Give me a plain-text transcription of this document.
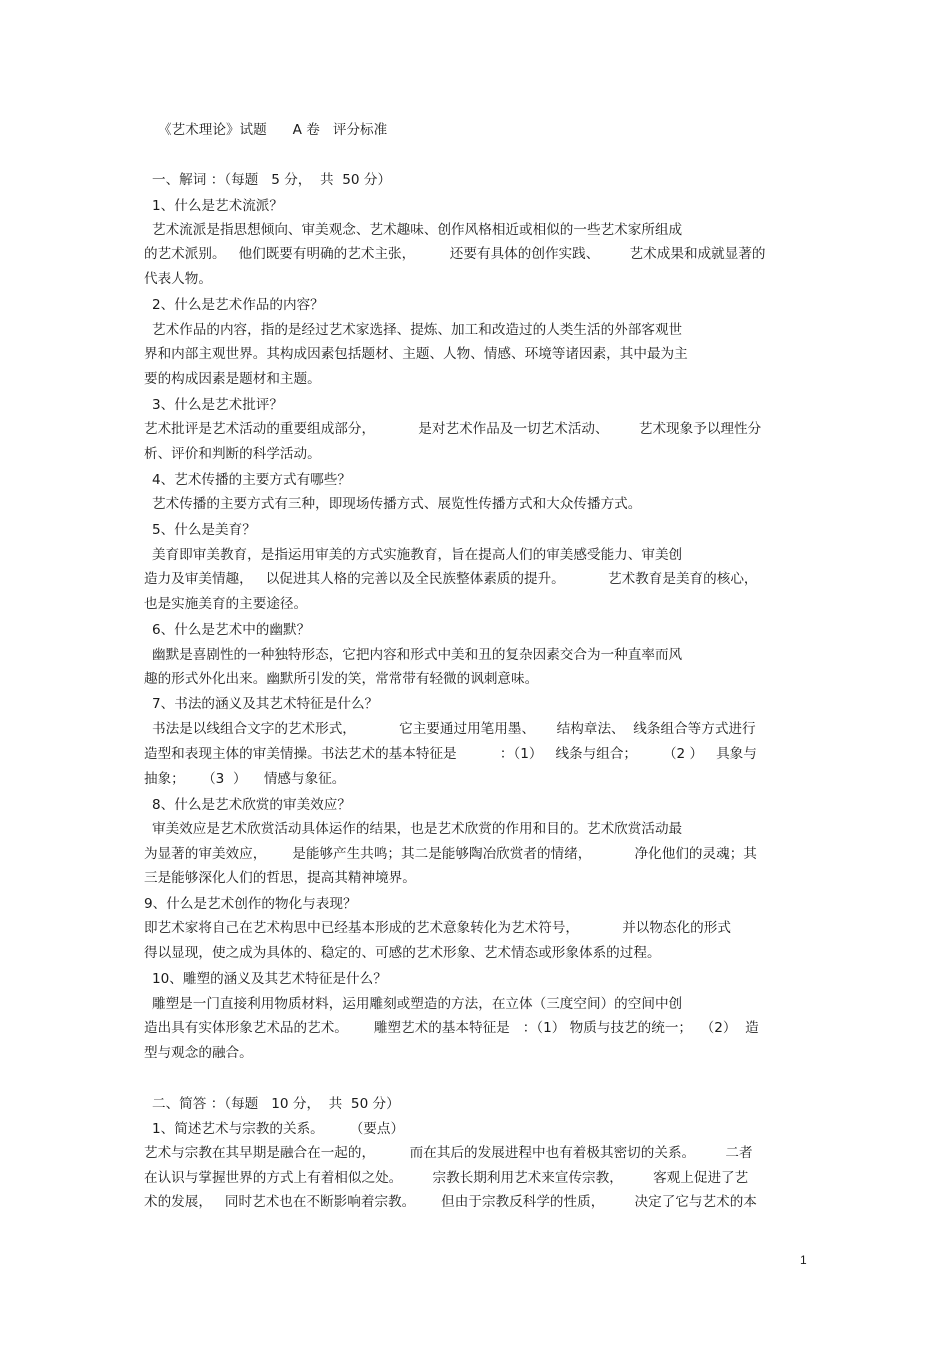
《艺术理论》试题      A 卷   评分标准
一、解词 ：（每题   5 分，  共  50 分）
1、什么是艺术流派？
艺术流派是指思想倾向、审美观念、艺术趣味、创作风格相近或相似的一些艺术家所组成
的艺术派别。   他们既要有明确的艺术主张，        还要有具体的创作实践、       艺术成果和成就显著的
代表人物。
2、什么是艺术作品的内容？
艺术作品的内容，指的是经过艺术家选择、提炼、加工和改造过的人类生活的外部客观世
界和内部主观世界。其构成因素包括题材、主题、人物、情感、环境等诸因素，其中最为主
要的构成因素是题材和主题。
3、什么是艺术批评？
艺术批评是艺术活动的重要组成部分，          是对艺术作品及一切艺术活动、       艺术现象予以理性分
析、评价和判断的科学活动。
4、艺术传播的主要方式有哪些？
艺术传播的主要方式有三种，即现场传播方式、展览性传播方式和大众传播方式。
5、什么是美育？
美育即审美教育，是指运用审美的方式实施教育，旨在提高人们的审美感受能力、审美创
造力及审美情趣，   以促进其人格的完善以及全民族整体素质的提升。          艺术教育是美育的核心，
也是实施美育的主要途径。
6、什么是艺术中的幽默？
幽默是喜剧性的一种独特形态，它把内容和形式中美和丑的复杂因素交合为一种直率而风
趣的形式外化出来。幽默所引发的笑，常常带有轻微的讽刺意味。
7、书法的涵义及其艺术特征是什么？
书法是以线组合文字的艺术形式，          它主要通过用笔用墨、     结构章法、  线条组合等方式进行
造型和表现主体的审美情操。书法艺术的基本特征是          ：（1）   线条与组合；      （2 ）   具象与
抽象；    （3  ）    情感与象征。
8、什么是艺术欣赏的审美效应？
审美效应是艺术欣赏活动具体运作的结果，也是艺术欣赏的作用和目的。艺术欣赏活动最
为显著的审美效应，      是能够产生共鸣；其二是能够陶冶欣赏者的情绪，          净化他们的灵魂；其
三是能够深化人们的哲思，提高其精神境界。
9、什么是艺术创作的物化与表现？
即艺术家将自己在艺术构思中已经基本形成的艺术意象转化为艺术符号，          并以物态化的形式
得以显现，使之成为具体的、稳定的、可感的艺术形象、艺术情态或形象体系的过程。
10、雕塑的涵义及其艺术特征是什么？
雕塑是一门直接利用物质材料，运用雕刻或塑造的方法，在立体（三度空间）的空间中创
造出具有实体形象艺术品的艺术。      雕塑艺术的基本特征是   ：（1） 物质与技艺的统一；  （2）  造
型与观念的融合。
二、简答 ：（每题   10 分，  共  50 分）
1、简述艺术与宗教的关系。      （要点）
艺术与宗教在其早期是融合在一起的，        而在其后的发展进程中也有着极其密切的关系。       二者
在认识与掌握世界的方式上有着相似之处。       宗教长期利用艺术来宣传宗教，       客观上促进了艺
术的发展，   同时艺术也在不断影响着宗教。      但由于宗教反科学的性质，       决定了它与艺术的本
1
